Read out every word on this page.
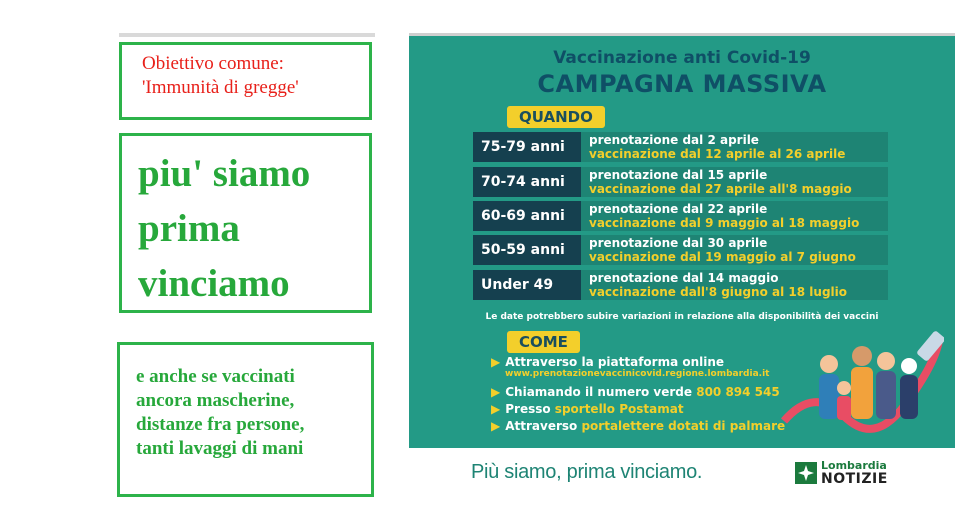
Obiettivo comune:
'Immunità di gregge'
piu' siamo
prima
vinciamo
e anche se vaccinati
ancora mascherine,
distanze fra persone,
tanti lavaggi di mani
Vaccinazione anti Covid-19
CAMPAGNA MASSIVA
QUANDO
75-79 anni	prenotazione dal 2 aprile
vaccinazione dal 12 aprile al 26 aprile
70-74 anni	prenotazione dal 15 aprile
vaccinazione dal 27 aprile all'8 maggio
60-69 anni	prenotazione dal 22 aprile
vaccinazione dal 9 maggio al 18 maggio
50-59 anni	prenotazione dal 30 aprile
vaccinazione dal 19 maggio al 7 giugno
Under 49	prenotazione dal 14 maggio
vaccinazione dall'8 giugno al 18 luglio
Le date potrebbero subire variazioni in relazione alla disponibilità dei vaccini
COME
▶ Attraverso la piattaforma online
www.prenotazionevaccinicovid.regione.lombardia.it
▶ Chiamando il numero verde 800 894 545
▶ Presso sportello Postamat
▶ Attraverso portalettere dotati di palmare
Più siamo, prima vinciamo.	Lombardia
NOTIZIE
